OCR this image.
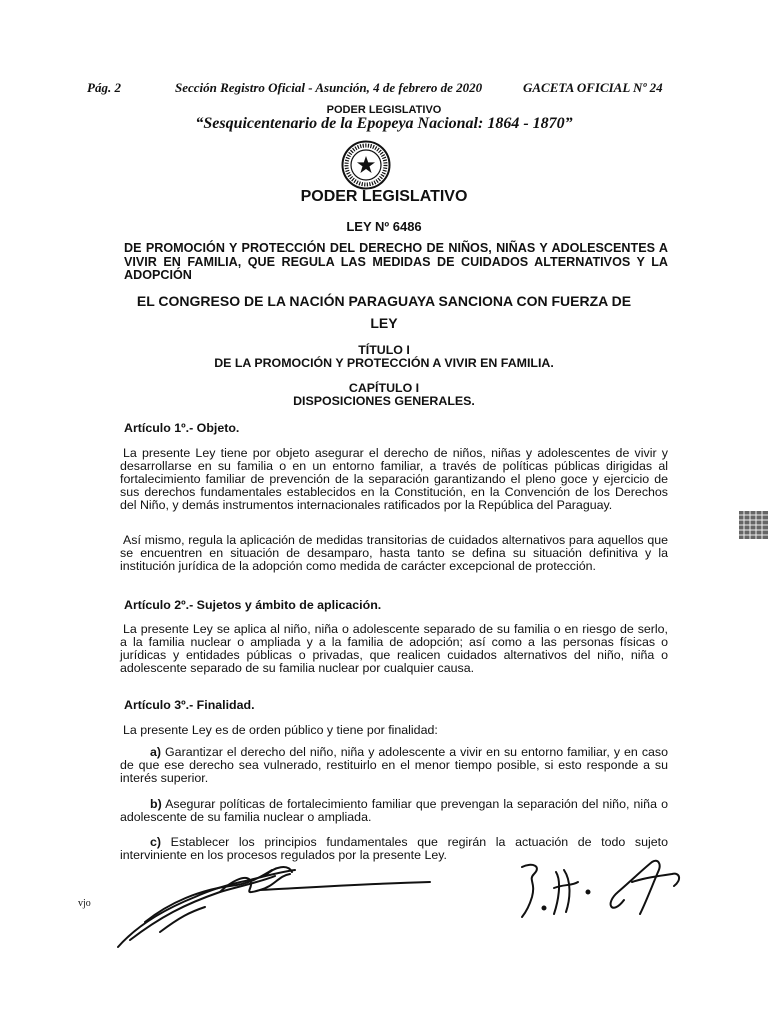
Pág. 2	Sección Registro Oficial - Asunción, 4 de febrero de 2020	GACETA OFICIAL Nº 24
PODER LEGISLATIVO
“Sesquicentenario de la Epopeya Nacional: 1864 - 1870”
PODER LEGISLATIVO
LEY Nº 6486
DE PROMOCIÓN Y PROTECCIÓN DEL DERECHO DE NIÑOS, NIÑAS Y ADOLESCENTES A VIVIR EN FAMILIA, QUE REGULA LAS MEDIDAS DE CUIDADOS ALTERNATIVOS Y LA ADOPCIÓN
EL CONGRESO DE LA NACIÓN PARAGUAYA SANCIONA CON FUERZA DE
LEY
TÍTULO I
DE LA PROMOCIÓN Y PROTECCIÓN A VIVIR EN FAMILIA.
CAPÍTULO I
DISPOSICIONES GENERALES.
Artículo 1º.- Objeto.
La presente Ley tiene por objeto asegurar el derecho de niños, niñas y adolescentes de vivir y desarrollarse en su familia o en un entorno familiar, a través de políticas públicas dirigidas al fortalecimiento familiar de prevención de la separación garantizando el pleno goce y ejercicio de sus derechos fundamentales establecidos en la Constitución, en la Convención de los Derechos del Niño, y demás instrumentos internacionales ratificados por la República del Paraguay.
Así mismo, regula la aplicación de medidas transitorias de cuidados alternativos para aquellos que se encuentren en situación de desamparo, hasta tanto se defina su situación definitiva y la institución jurídica de la adopción como medida de carácter excepcional de protección.
Artículo 2º.- Sujetos y ámbito de aplicación.
La presente Ley se aplica al niño, niña o adolescente separado de su familia o en riesgo de serlo, a la familia nuclear o ampliada y a la familia de adopción; así como a las personas físicas o jurídicas y entidades públicas o privadas, que realicen cuidados alternativos del niño, niña o adolescente separado de su familia nuclear por cualquier causa.
Artículo 3º.- Finalidad.
La presente Ley es de orden público y tiene por finalidad:
a) Garantizar el derecho del niño, niña y adolescente a vivir en su entorno familiar, y en caso de que ese derecho sea vulnerado, restituirlo en el menor tiempo posible, si esto responde a su interés superior.
b) Asegurar políticas de fortalecimiento familiar que prevengan la separación del niño, niña o adolescente de su familia nuclear o ampliada.
c) Establecer los principios fundamentales que regirán la actuación de todo sujeto interviniente en los procesos regulados por la presente Ley.
vjo
